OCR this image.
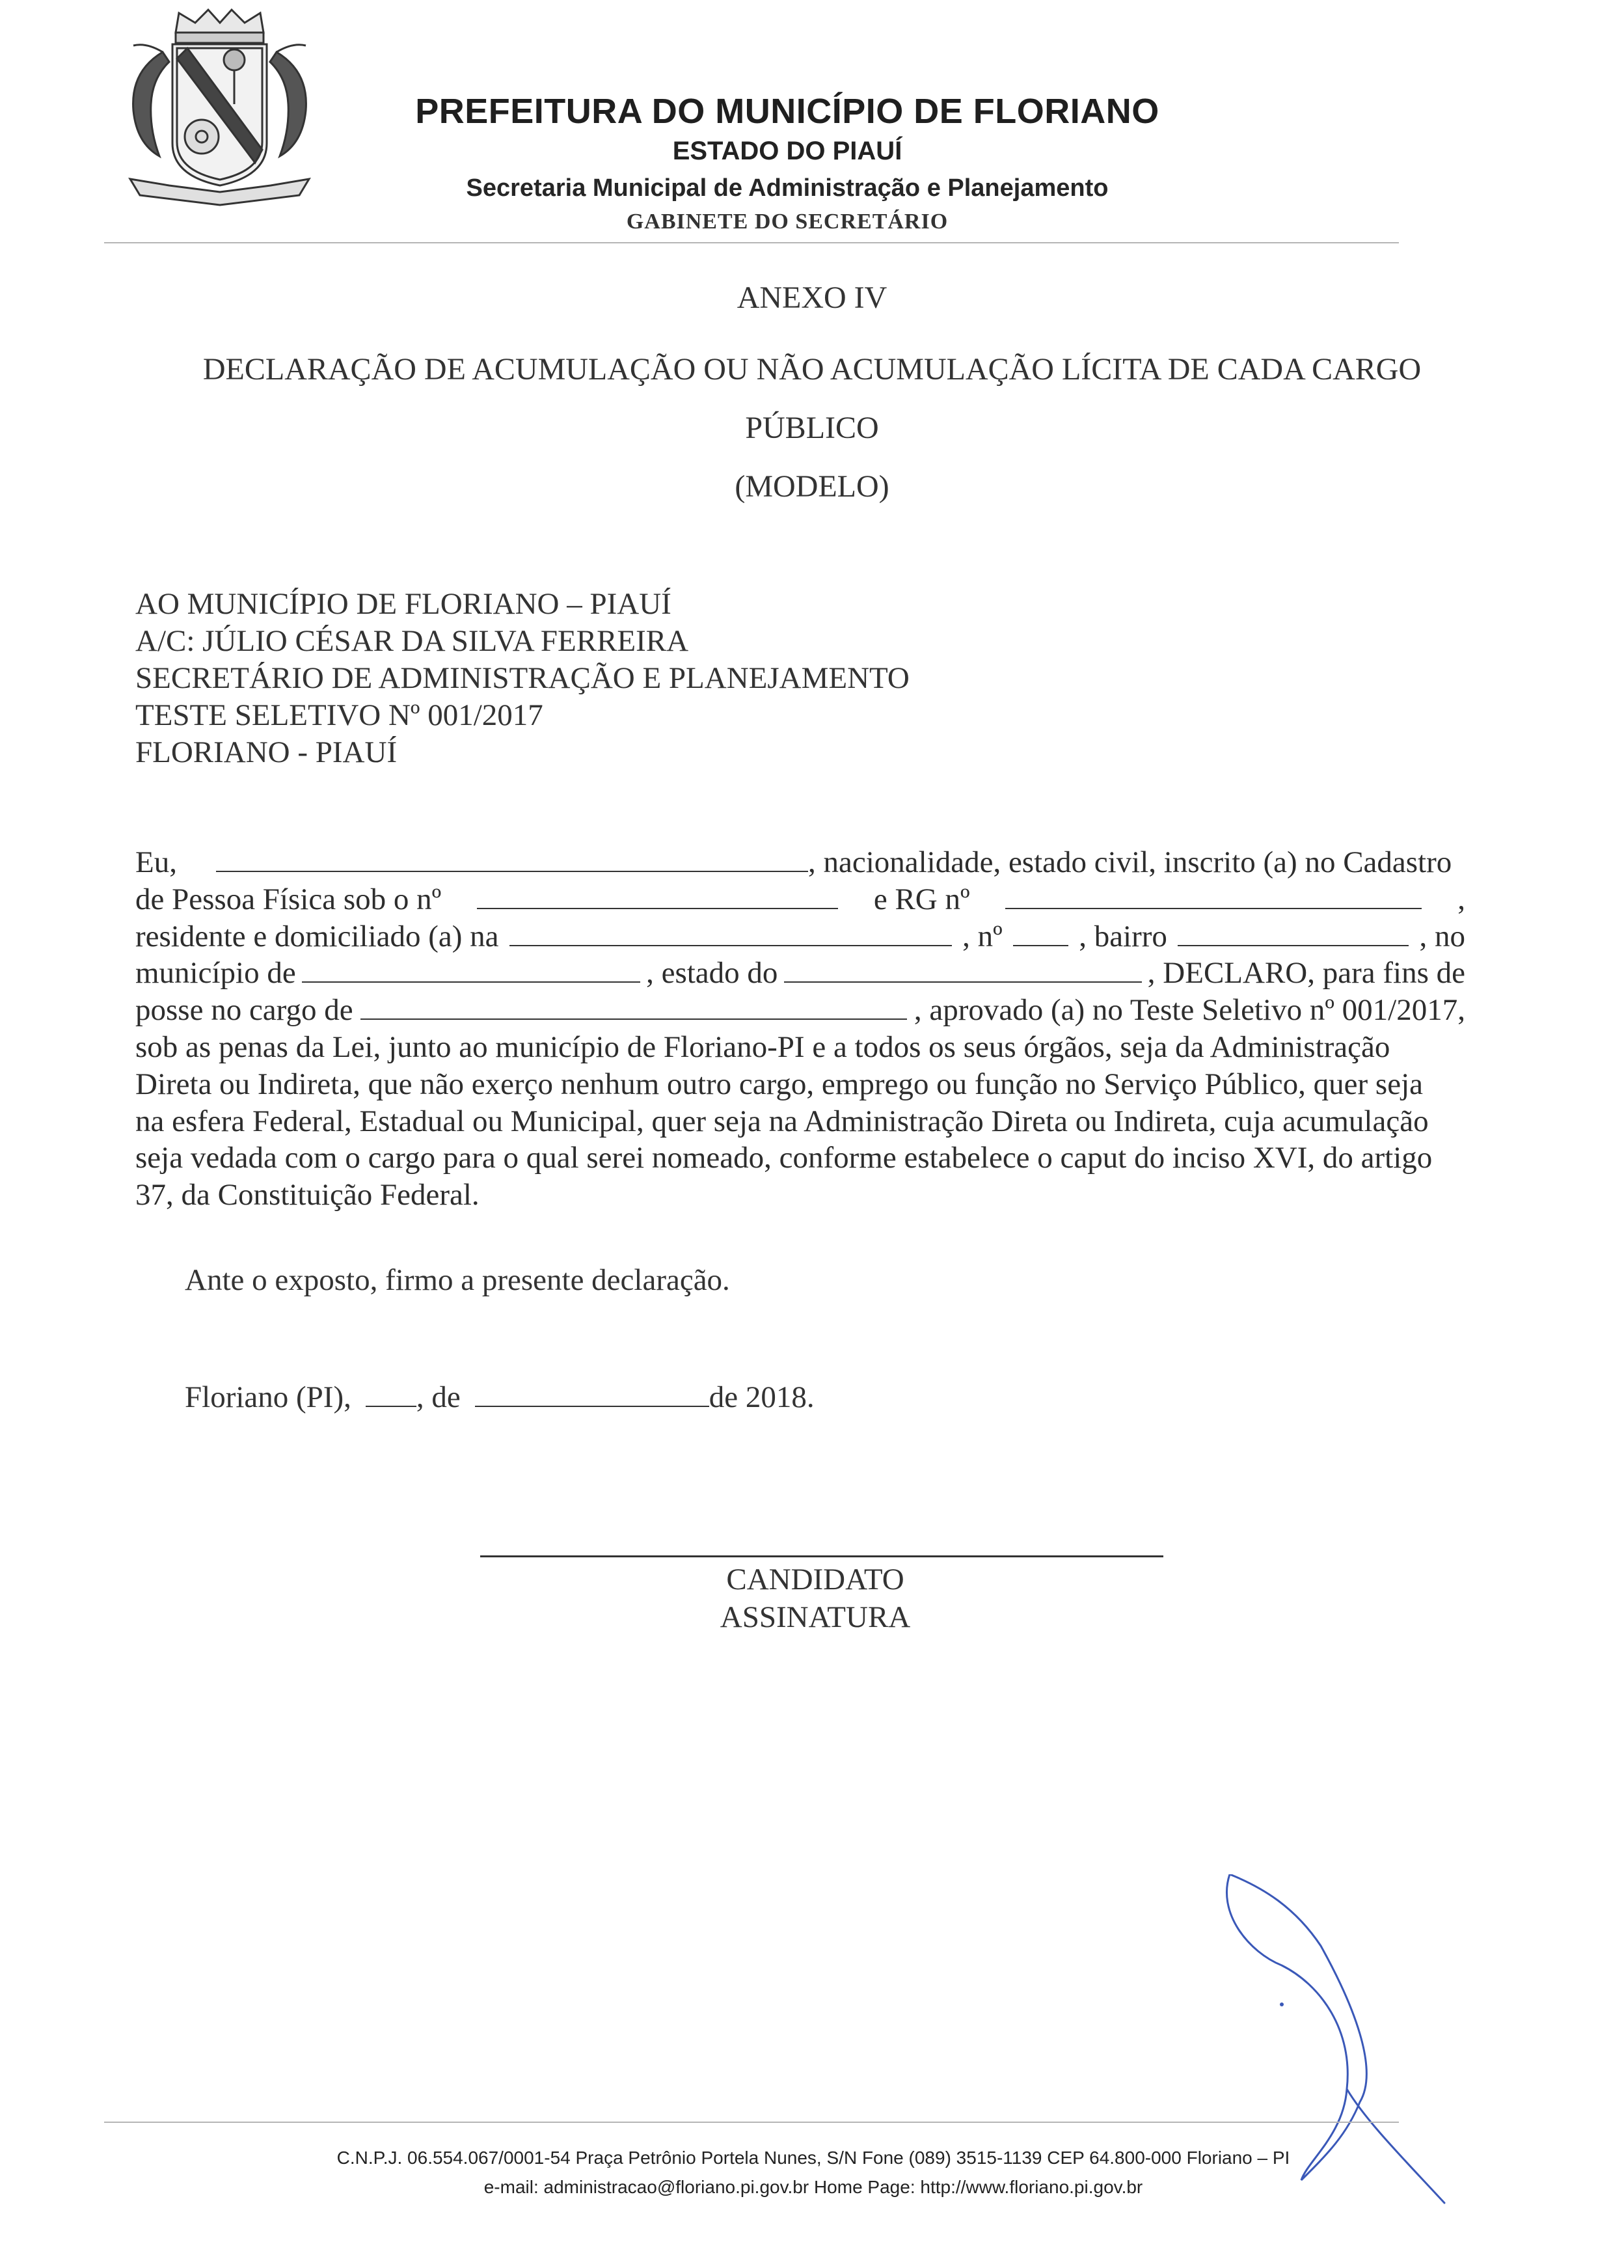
PREFEITURA DO MUNICÍPIO DE FLORIANO
ESTADO DO PIAUÍ
Secretaria Municipal de Administração e Planejamento
GABINETE DO SECRETÁRIO
ANEXO IV
DECLARAÇÃO DE ACUMULAÇÃO OU NÃO ACUMULAÇÃO LÍCITA DE CADA CARGO
PÚBLICO
(MODELO)
AO MUNICÍPIO DE FLORIANO – PIAUÍ
A/C: JÚLIO CÉSAR DA SILVA FERREIRA
SECRETÁRIO DE ADMINISTRAÇÃO E PLANEJAMENTO
TESTE SELETIVO Nº 001/2017
FLORIANO - PIAUÍ
Eu,	, nacionalidade, estado civil, inscrito (a) no Cadastro
de Pessoa Física sob o nº	e RG nº	,
residente e domiciliado (a) na	, nº	, bairro	, no
município de	, estado do	, DECLARO, para fins de
posse no cargo de	, aprovado (a) no Teste Seletivo nº 001/2017,
sob as penas da Lei, junto ao município de Floriano-PI e a todos os seus órgãos, seja da Administração
Direta ou Indireta, que não exerço nenhum outro cargo, emprego ou função no Serviço Público, quer seja
na esfera Federal, Estadual ou Municipal, quer seja na Administração Direta ou Indireta, cuja acumulação
seja vedada com o cargo para o qual serei nomeado, conforme estabelece o caput do inciso XVI, do artigo
37, da Constituição Federal.
Ante o exposto, firmo a presente declaração.
Floriano (PI), , de	de 2018.
CANDIDATO
ASSINATURA
C.N.P.J. 06.554.067/0001-54 Praça Petrônio Portela Nunes, S/N Fone (089) 3515-1139 CEP 64.800-000 Floriano – PI
e-mail: administracao@floriano.pi.gov.br Home Page: http://www.floriano.pi.gov.br
